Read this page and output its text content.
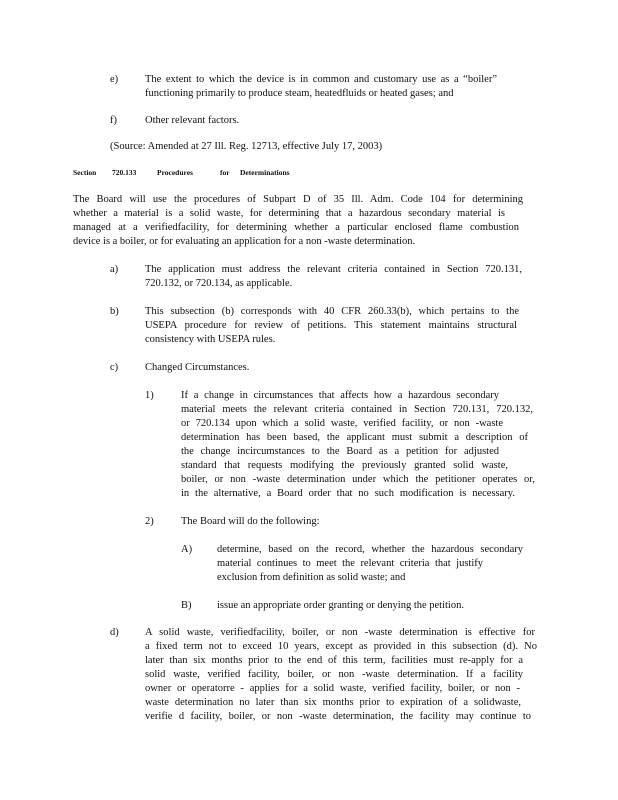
e)	The extent to which the device is in common and customary use as a “boiler”
functioning primarily to produce steam, heatedfluids or heated gases; and
f)	Other relevant factors.
(Source: Amended at 27 Ill. Reg. 12713, effective July 17, 2003)
Section 720.133	Procedures	for Determinations
The Board will use the procedures of Subpart D of 35 Ill. Adm. Code 104 for determining
whether a material is a solid waste, for determining that a hazardous secondary material is
managed at a verifiedfacility, for determining whether a particular enclosed flame combustion
device is a boiler, or for evaluating an application for a non -waste determination.
a)	The application must address the relevant criteria contained in Section 720.131,
720.132, or 720.134, as applicable.
b)	This subsection (b) corresponds with 40 CFR 260.33(b), which pertains to the
USEPA procedure for review of petitions. This statement maintains structural
consistency with USEPA rules.
c)	Changed Circumstances.
1)	If a change in circumstances that affects how a hazardous secondary
material meets the relevant criteria contained in Section 720.131, 720.132,
or 720.134 upon which a solid waste, verified facility, or non -waste
determination has been based, the applicant must submit a description of
the change incircumstances to the Board as a petition for adjusted
standard that requests modifying the previously granted solid waste,
boiler, or non -waste determination under which the petitioner operates or,
in the alternative, a Board order that no such modification is necessary.
2)	The Board will do the following:
A) determine, based on the record, whether the hazardous secondary
material continues to meet the relevant criteria that justify
exclusion from definition as solid waste; and
B) issue an appropriate order granting or denying the petition.
d)	A solid waste, verifiedfacility, boiler, or non -waste determination is effective for
a fixed term not to exceed 10 years, except as provided in this subsection (d). No
later than six months prior to the end of this term, facilities must re-apply for a
solid waste, verified facility, boiler, or non -waste determination. If a facility
owner or operatorre - applies for a solid waste, verified facility, boiler, or non -
waste determination no later than six months prior to expiration of a solidwaste,
verifie d facility, boiler, or non -waste determination, the facility may continue to
